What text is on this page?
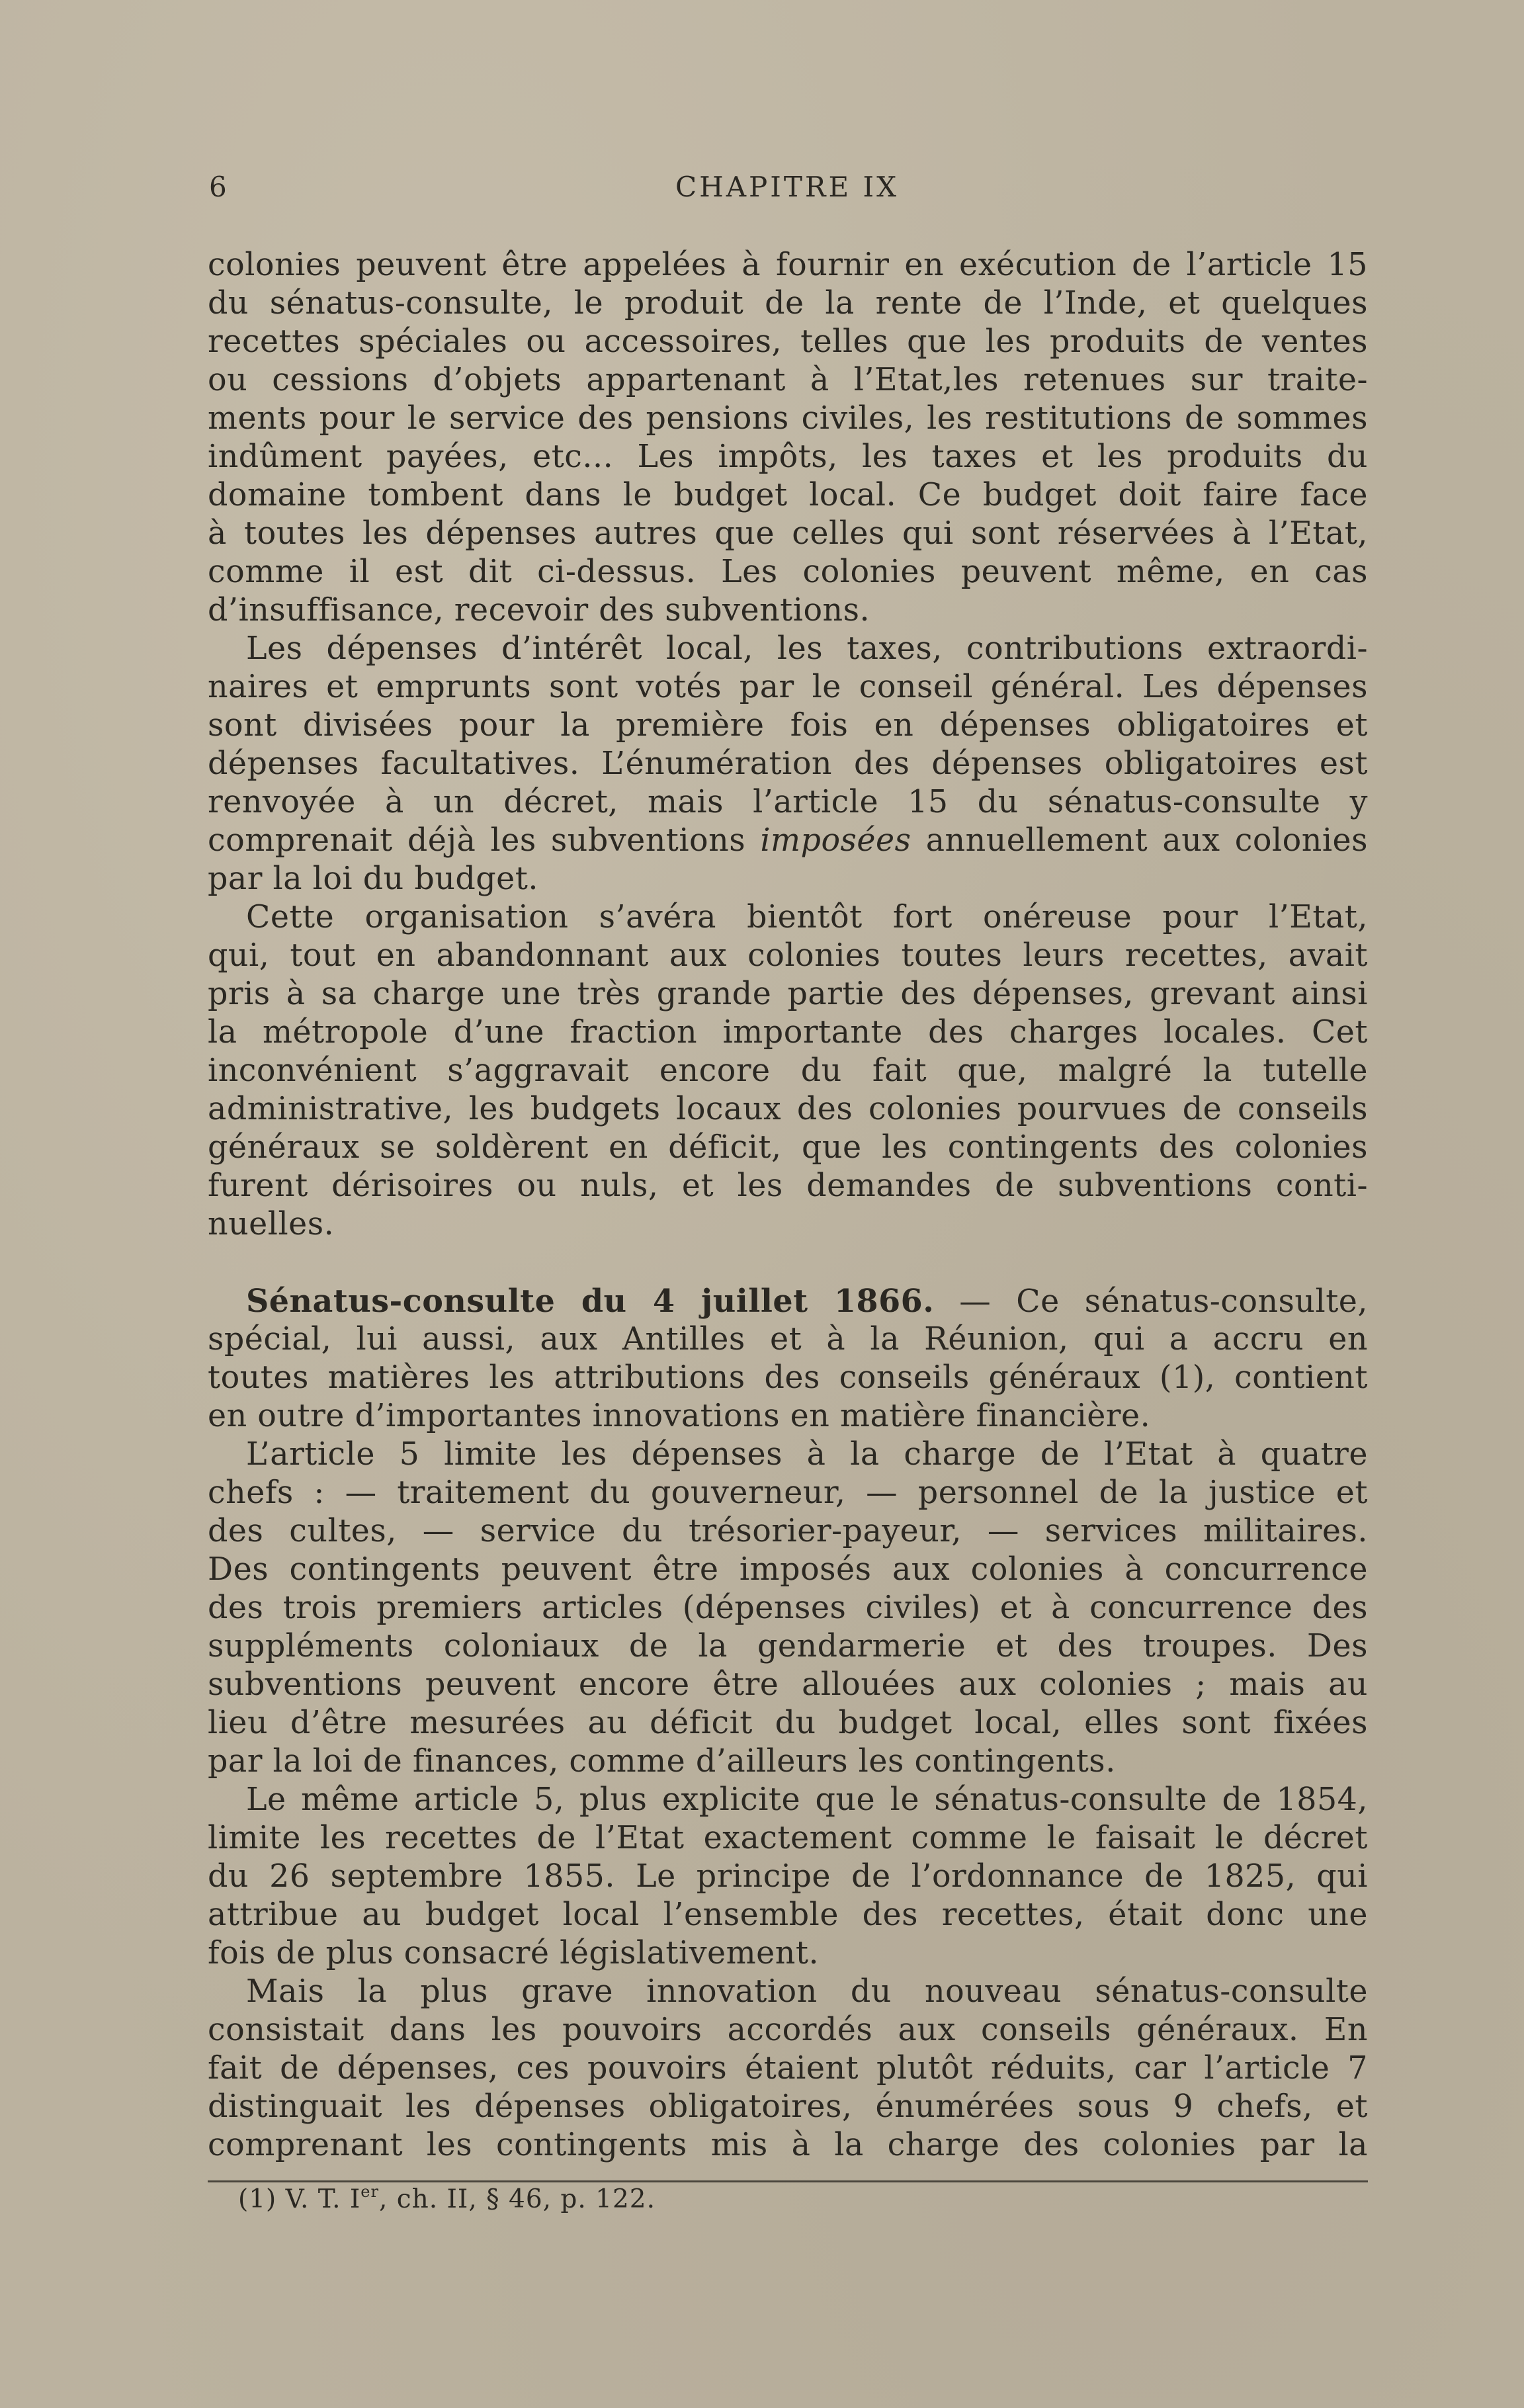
6	CHAPITRE IX
colonies peuvent être appelées à fournir en exécution de l’article 15
du sénatus-consulte, le produit de la rente de l’Inde, et quelques
recettes spéciales ou accessoires, telles que les produits de ventes
ou cessions d’objets appartenant à l’Etat,les retenues sur traite-
ments pour le service des pensions civiles, les restitutions de sommes
indûment payées, etc... Les impôts, les taxes et les produits du
domaine tombent dans le budget local. Ce budget doit faire face
à toutes les dépenses autres que celles qui sont réservées à l’Etat,
comme il est dit ci-dessus. Les colonies peuvent même, en cas
d’insuffisance, recevoir des subventions.
Les dépenses d’intérêt local, les taxes, contributions extraordi-
naires et emprunts sont votés par le conseil général. Les dépenses
sont divisées pour la première fois en dépenses obligatoires et
dépenses facultatives. L’énumération des dépenses obligatoires est
renvoyée à un décret, mais l’article 15 du sénatus-consulte y
comprenait déjà les subventions imposées annuellement aux colonies
par la loi du budget.
Cette organisation s’avéra bientôt fort onéreuse pour l’Etat,
qui, tout en abandonnant aux colonies toutes leurs recettes, avait
pris à sa charge une très grande partie des dépenses, grevant ainsi
la métropole d’une fraction importante des charges locales. Cet
inconvénient s’aggravait encore du fait que, malgré la tutelle
administrative, les budgets locaux des colonies pourvues de conseils
généraux se soldèrent en déficit, que les contingents des colonies
furent dérisoires ou nuls, et les demandes de subventions conti-
nuelles.
Sénatus-consulte du 4 juillet 1866. — Ce sénatus-consulte,
spécial, lui aussi, aux Antilles et à la Réunion, qui a accru en
toutes matières les attributions des conseils généraux (1), contient
en outre d’importantes innovations en matière financière.
L’article 5 limite les dépenses à la charge de l’Etat à quatre
chefs : — traitement du gouverneur, — personnel de la justice et
des cultes, — service du trésorier-payeur, — services militaires.
Des contingents peuvent être imposés aux colonies à concurrence
des trois premiers articles (dépenses civiles) et à concurrence des
suppléments coloniaux de la gendarmerie et des troupes. Des
subventions peuvent encore être allouées aux colonies ; mais au
lieu d’être mesurées au déficit du budget local, elles sont fixées
par la loi de finances, comme d’ailleurs les contingents.
Le même article 5, plus explicite que le sénatus-consulte de 1854,
limite les recettes de l’Etat exactement comme le faisait le décret
du 26 septembre 1855. Le principe de l’ordonnance de 1825, qui
attribue au budget local l’ensemble des recettes, était donc une
fois de plus consacré législativement.
Mais la plus grave innovation du nouveau sénatus-consulte
consistait dans les pouvoirs accordés aux conseils généraux. En
fait de dépenses, ces pouvoirs étaient plutôt réduits, car l’article 7
distinguait les dépenses obligatoires, énumérées sous 9 chefs, et
comprenant les contingents mis à la charge des colonies par la
(1) V. T. Ier, ch. II, § 46, p. 122.
